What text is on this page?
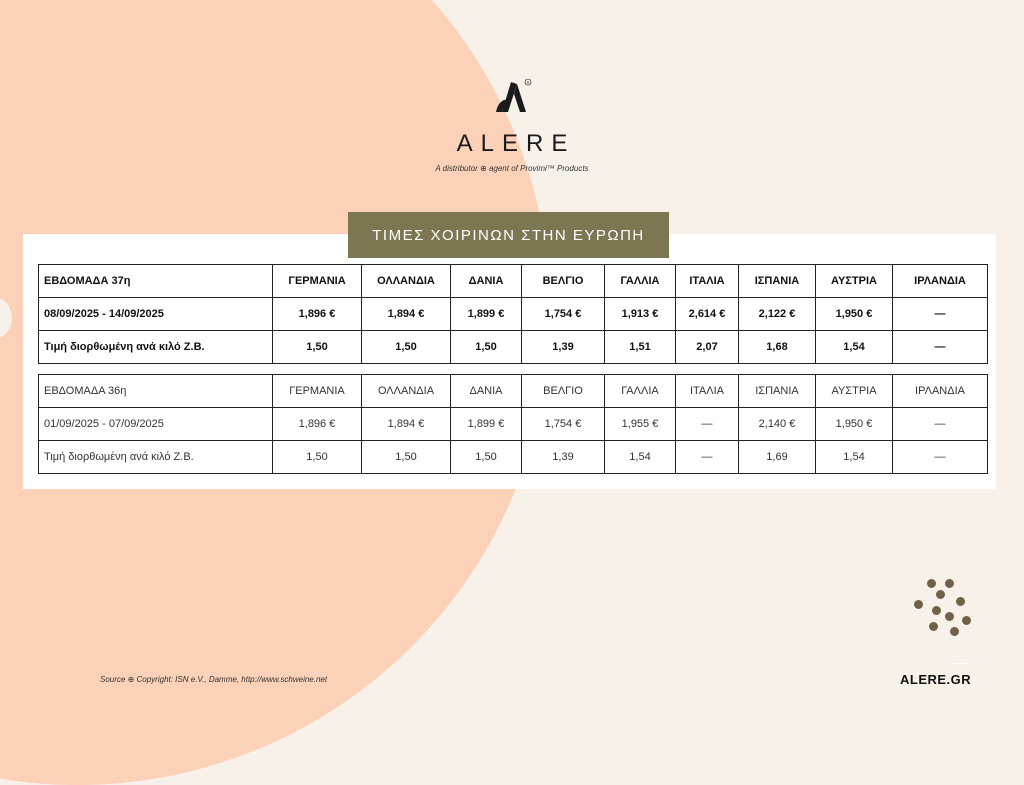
R
ALERE
A distributor ⊕ agent of Provimi™ Products
ΤΙΜΕΣ ΧΟΙΡΙΝΩΝ ΣΤΗΝ ΕΥΡΩΠΗ
ΕΒΔΟΜΑΔΑ 37η	ΓΕΡΜΑΝΙΑ	ΟΛΛΑΝΔΙΑ	ΔΑΝΙΑ	ΒΕΛΓΙΟ	ΓΑΛΛΙΑ	ΙΤΑΛΙΑ	ΙΣΠΑΝΙΑ	ΑΥΣΤΡΙΑ	ΙΡΛΑΝΔΙΑ
08/09/2025 - 14/09/2025	1,896 €	1,894 €	1,899 €	1,754 €	1,913 €	2,614 €	2,122 €	1,950 €	—
Τιμή διορθωμένη ανά κιλό Ζ.Β.	1,50	1,50	1,50	1,39	1,51	2,07	1,68	1,54	—
ΕΒΔΟΜΑΔΑ 36η	ΓΕΡΜΑΝΙΑ	ΟΛΛΑΝΔΙΑ	ΔΑΝΙΑ	ΒΕΛΓΙΟ	ΓΑΛΛΙΑ	ΙΤΑΛΙΑ	ΙΣΠΑΝΙΑ	ΑΥΣΤΡΙΑ	ΙΡΛΑΝΔΙΑ
01/09/2025 - 07/09/2025	1,896 €	1,894 €	1,899 €	1,754 €	1,955 €	—	2,140 €	1,950 €	—
Τιμή διορθωμένη ανά κιλό Ζ.Β.	1,50	1,50	1,50	1,39	1,54	—	1,69	1,54	—
ALERE.GR
Source ⊕ Copyright: ISN e.V., Damme, http://www.schweine.net
